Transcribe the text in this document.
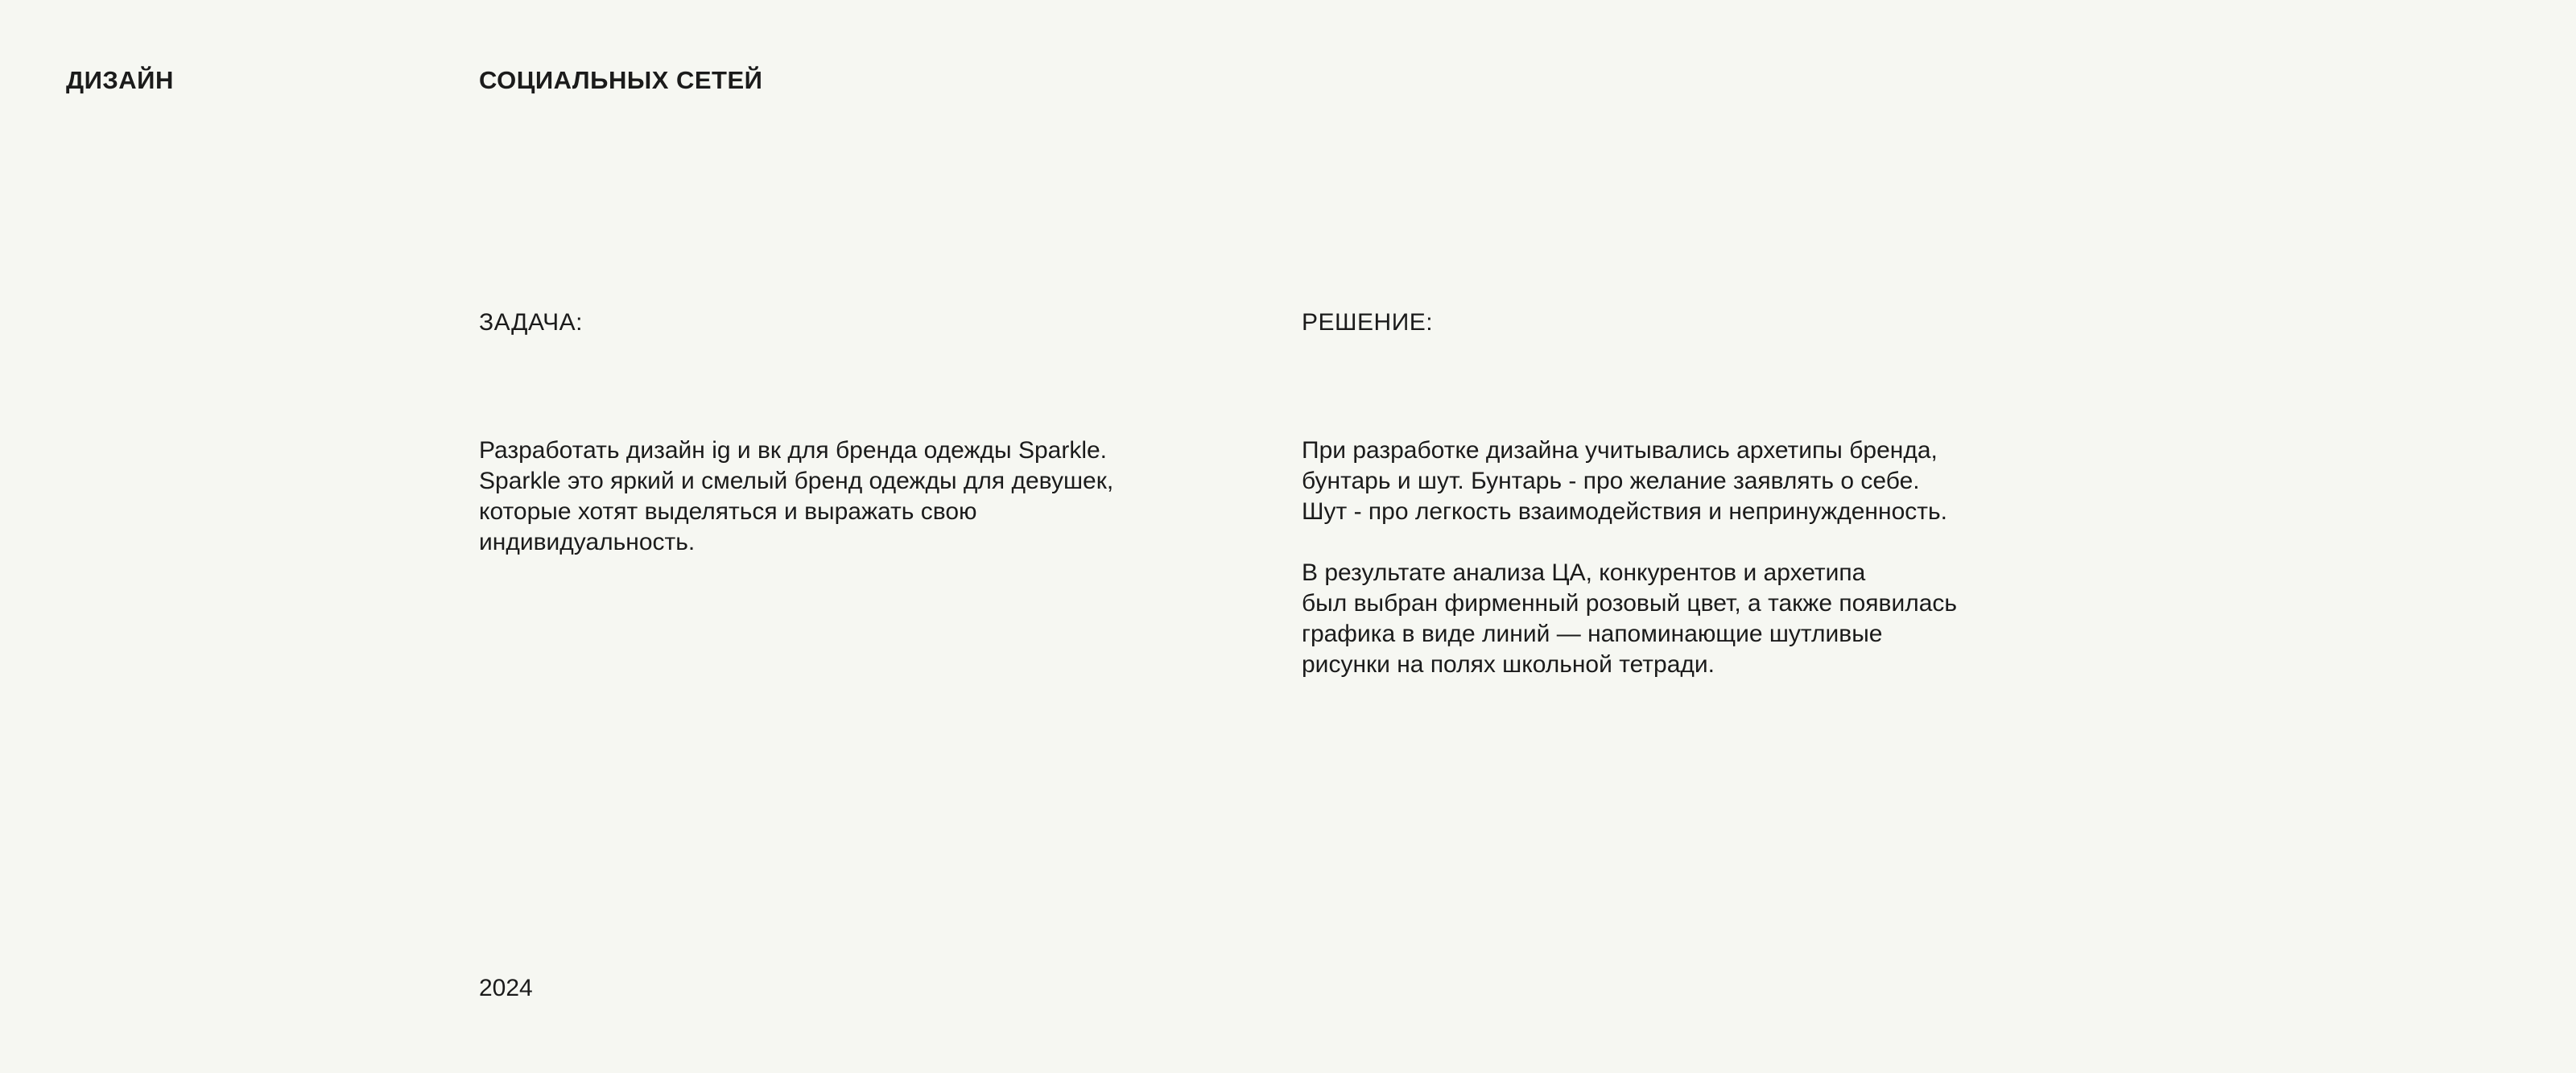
ДИЗАЙН	СОЦИАЛЬНЫХ СЕТЕЙ

ЗАДАЧА:

Разработать дизайн ig и вк для бренда одежды Sparkle.
Sparkle это яркий и смелый бренд одежды для девушек,
которые хотят выделяться и выражать свою
индивидуальность.

РЕШЕНИЕ:

При разработке дизайна учитывались архетипы бренда,
бунтарь и шут. Бунтарь - про желание заявлять о себе.
Шут - про легкость взаимодействия и непринужденность.

В результате анализа ЦА, конкурентов и архетипа
был выбран фирменный розовый цвет, а также появилась
графика в виде линий — напоминающие шутливые
рисунки на полях школьной тетради.

2024
